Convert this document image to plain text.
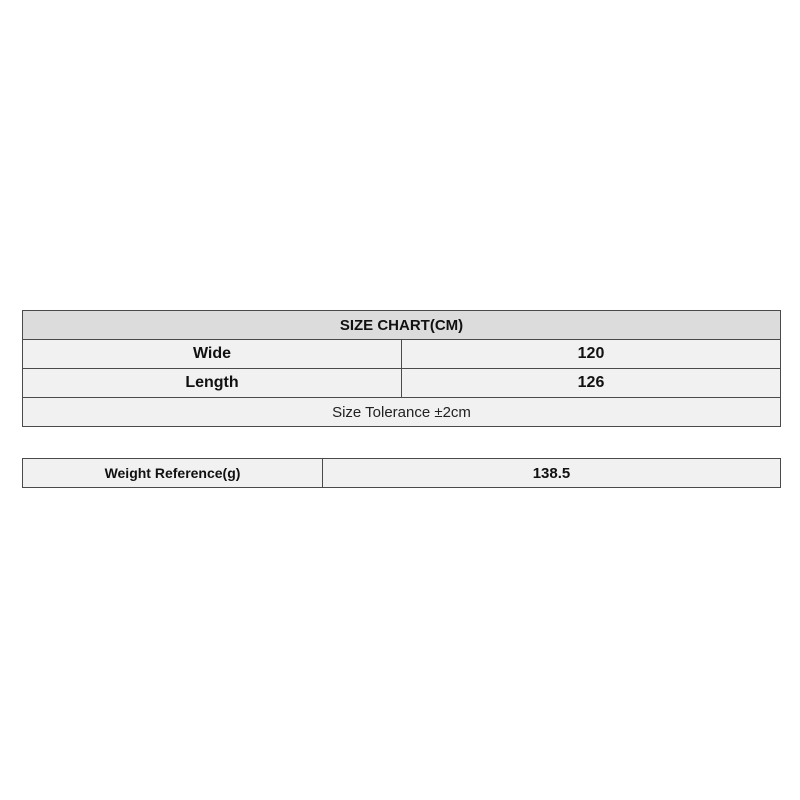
SIZE CHART(CM)	
Wide	120
Length	126
Size Tolerance ±2cm	
Weight Reference(g)	138.5
